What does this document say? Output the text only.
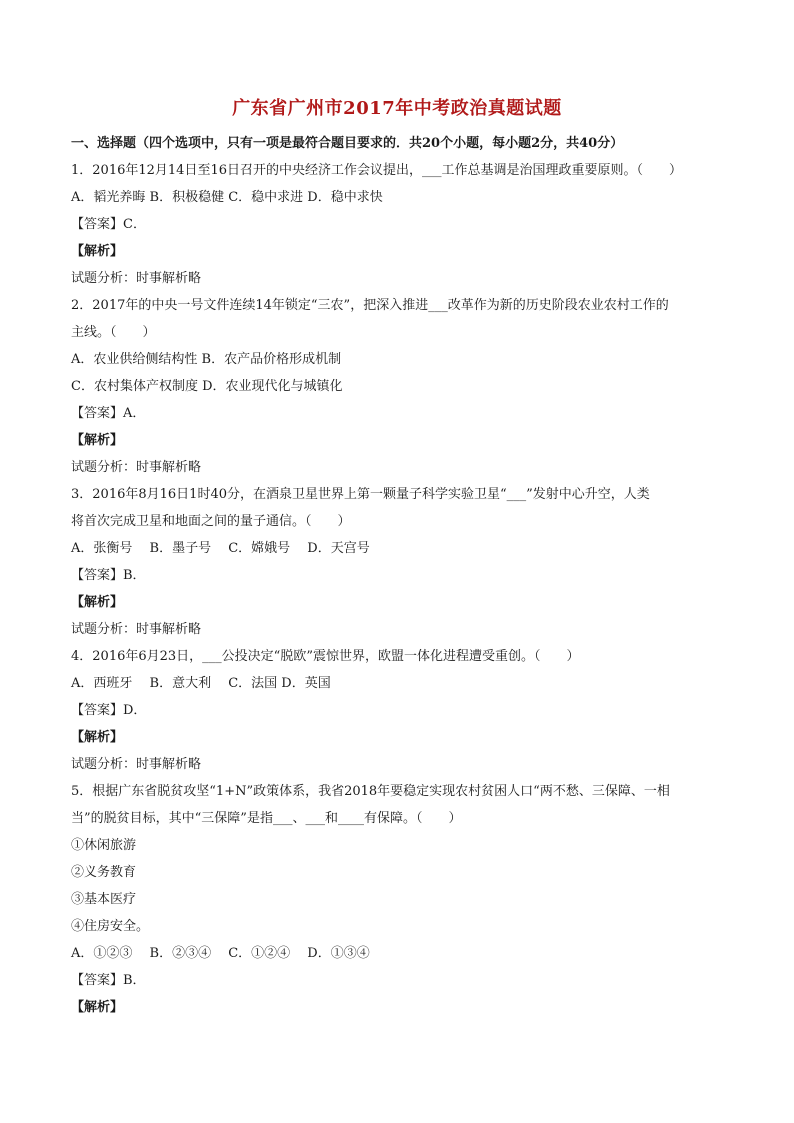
广东省广州市2017年中考政治真题试题
一、选择题（四个选项中，只有一项是最符合题目要求的．共20个小题，每小题2分，共40分）
1．2016年12月14日至16日召开的中央经济工作会议提出，___工作总基调是治国理政重要原则。（　　）
A．韬光养晦 B．积极稳健 C．稳中求进 D．稳中求快
【答案】C．
【解析】
试题分析：时事解析略
2．2017年的中央一号文件连续14年锁定“三农”，把深入推进___改革作为新的历史阶段农业农村工作的
主线。（　　）
A．农业供给侧结构性 B．农产品价格形成机制
C．农村集体产权制度 D．农业现代化与城镇化
【答案】A．
【解析】
试题分析：时事解析略
3．2016年8月16日1时40分，在酒泉卫星世界上第一颗量子科学实验卫星“___”发射中心升空，人类
将首次完成卫星和地面之间的量子通信。（　　）
A．张衡号　 B．墨子号　 C．嫦娥号　 D．天宫号
【答案】B．
【解析】
试题分析：时事解析略
4．2016年6月23日，___公投决定“脱欧”震惊世界，欧盟一体化进程遭受重创。（　　）
A．西班牙　 B．意大利　 C．法国 D．英国
【答案】D．
【解析】
试题分析：时事解析略
5．根据广东省脱贫攻坚“1+N”政策体系，我省2018年要稳定实现农村贫困人口“两不愁、三保障、一相
当”的脱贫目标，其中“三保障”是指___、___和____有保障。（　　）
①休闲旅游
②义务教育
③基本医疗
④住房安全。
A．①②③　 B．②③④　 C．①②④　 D．①③④
【答案】B．
【解析】
